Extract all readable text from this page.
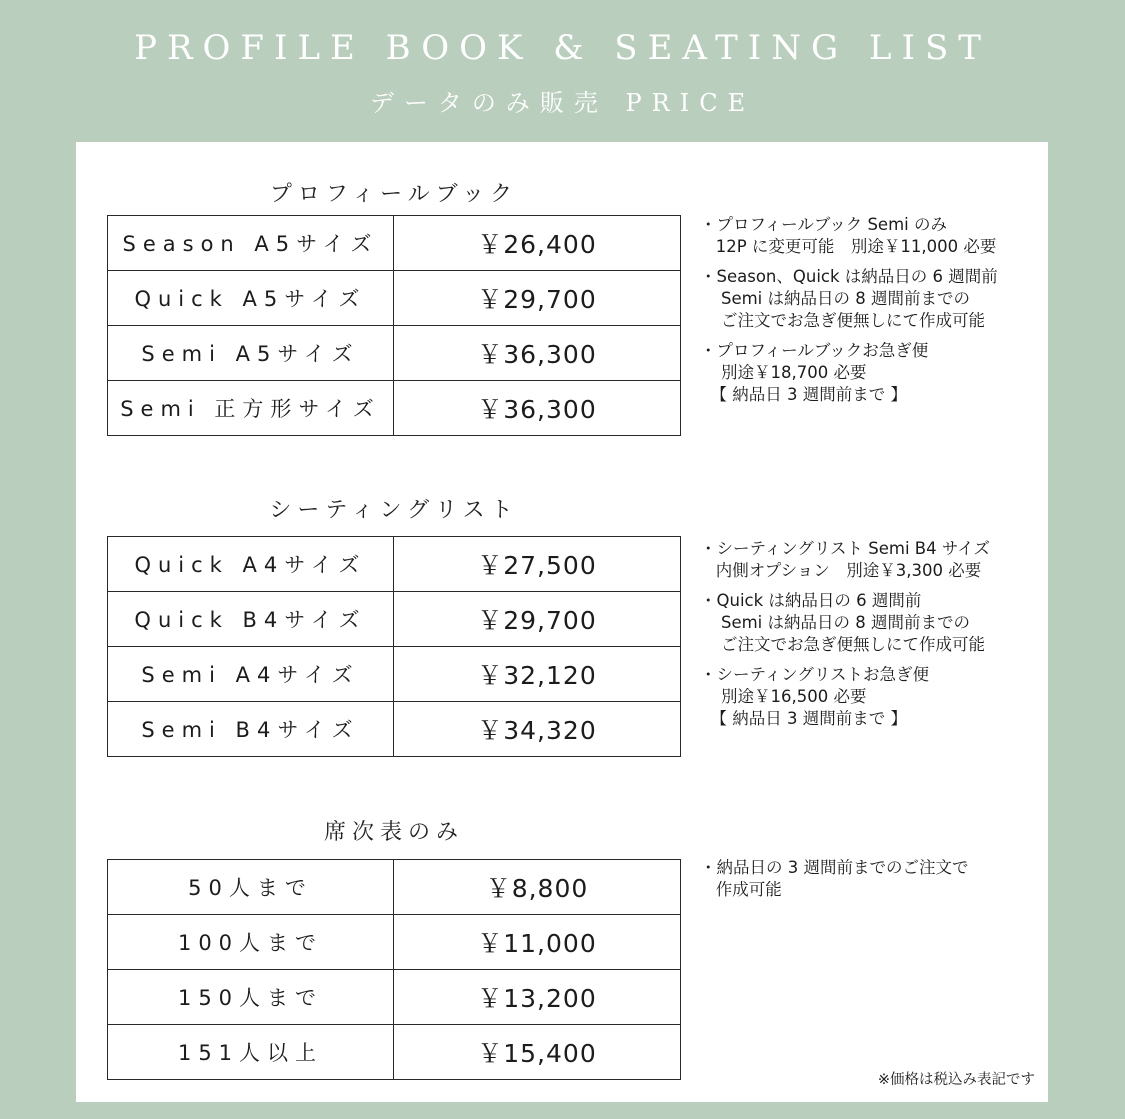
PROFILE BOOK & SEATING LIST
データのみ販売 PRICE
プロフィールブック
Season A5サイズ	￥26,400
Quick A5サイズ	￥29,700
Semi A5サイズ	￥36,300
Semi 正方形サイズ	￥36,300

・プロフィールブック Semi のみ
12P に変更可能　別途￥11,000 必要

・Season、Quick は納品日の 6 週間前
Semi は納品日の 8 週間前までの
ご注文でお急ぎ便無しにて作成可能

・プロフィールブックお急ぎ便
別途￥18,700 必要
【 納品日 3 週間前まで 】

シーティングリスト
Quick A4サイズ	￥27,500
Quick B4サイズ	￥29,700
Semi A4サイズ	￥32,120
Semi B4サイズ	￥34,320

・シーティングリスト Semi B4 サイズ
内側オプション　別途￥3,300 必要

・Quick は納品日の 6 週間前
Semi は納品日の 8 週間前までの
ご注文でお急ぎ便無しにて作成可能

・シーティングリストお急ぎ便
別途￥16,500 必要
【 納品日 3 週間前まで 】

席次表のみ
50人まで	￥8,800
100人まで	￥11,000
150人まで	￥13,200
151人以上	￥15,400

・納品日の 3 週間前までのご注文で
作成可能

※価格は税込み表記です
